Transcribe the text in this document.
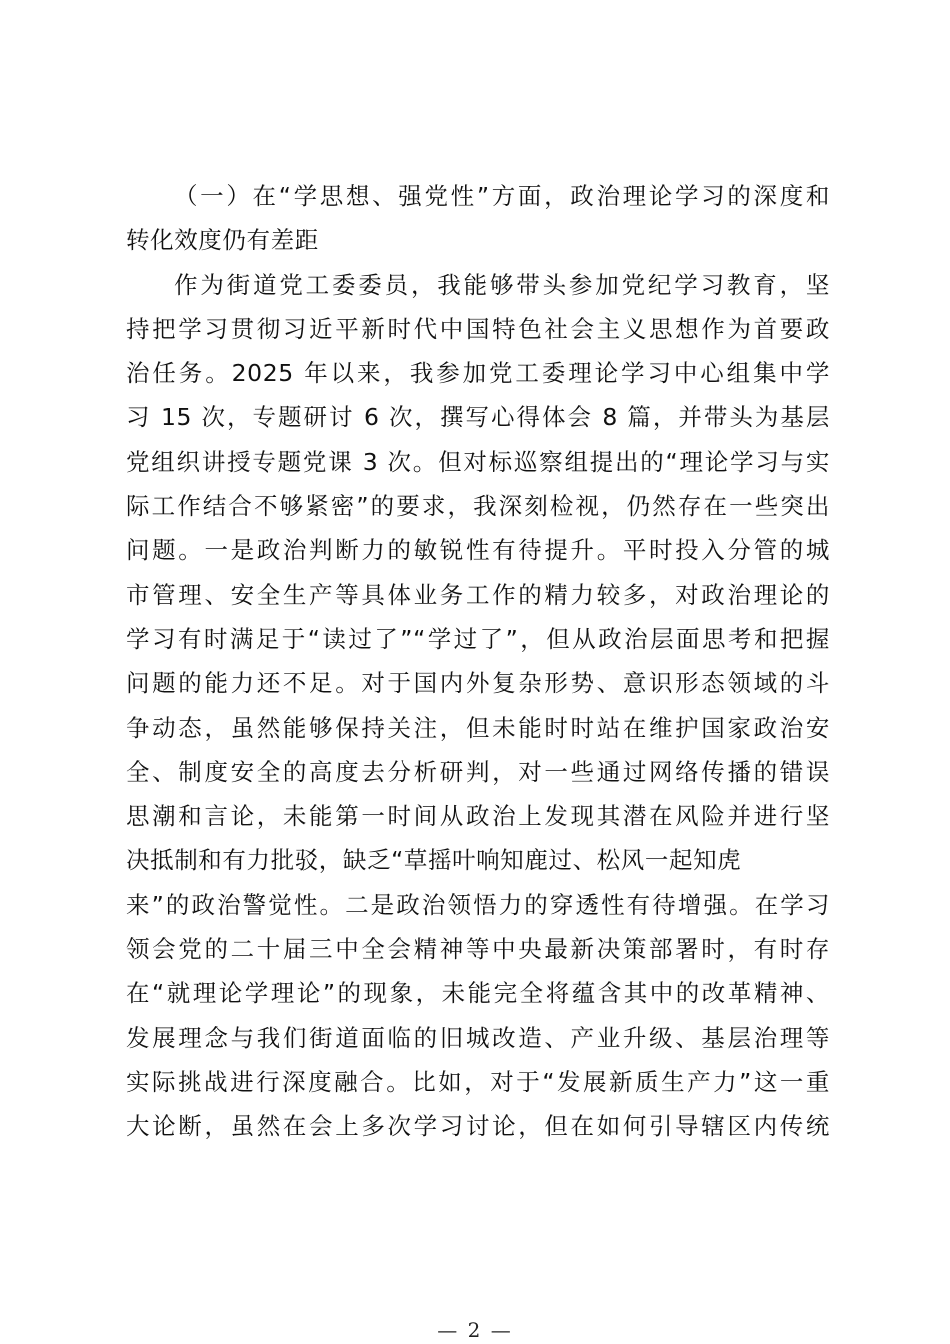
（一）在“学思想、强党性”方面，政治理论学习的深度和
转化效度仍有差距
作为街道党工委委员，我能够带头参加党纪学习教育，坚
持把学习贯彻习近平新时代中国特色社会主义思想作为首要政
治任务。2025 年以来，我参加党工委理论学习中心组集中学
习 15 次，专题研讨 6 次，撰写心得体会 8 篇，并带头为基层
党组织讲授专题党课 3 次。但对标巡察组提出的“理论学习与实
际工作结合不够紧密”的要求，我深刻检视，仍然存在一些突出
问题。一是政治判断力的敏锐性有待提升。平时投入分管的城
市管理、安全生产等具体业务工作的精力较多，对政治理论的
学习有时满足于“读过了”“学过了”，但从政治层面思考和把握
问题的能力还不足。对于国内外复杂形势、意识形态领域的斗
争动态，虽然能够保持关注，但未能时时站在维护国家政治安
全、制度安全的高度去分析研判，对一些通过网络传播的错误
思潮和言论，未能第一时间从政治上发现其潜在风险并进行坚
决抵制和有力批驳，缺乏“草摇叶响知鹿过、松风一起知虎
来”的政治警觉性。二是政治领悟力的穿透性有待增强。在学习
领会党的二十届三中全会精神等中央最新决策部署时，有时存
在“就理论学理论”的现象，未能完全将蕴含其中的改革精神、
发展理念与我们街道面临的旧城改造、产业升级、基层治理等
实际挑战进行深度融合。比如，对于“发展新质生产力”这一重
大论断，虽然在会上多次学习讨论，但在如何引导辖区内传统
— 2 —
